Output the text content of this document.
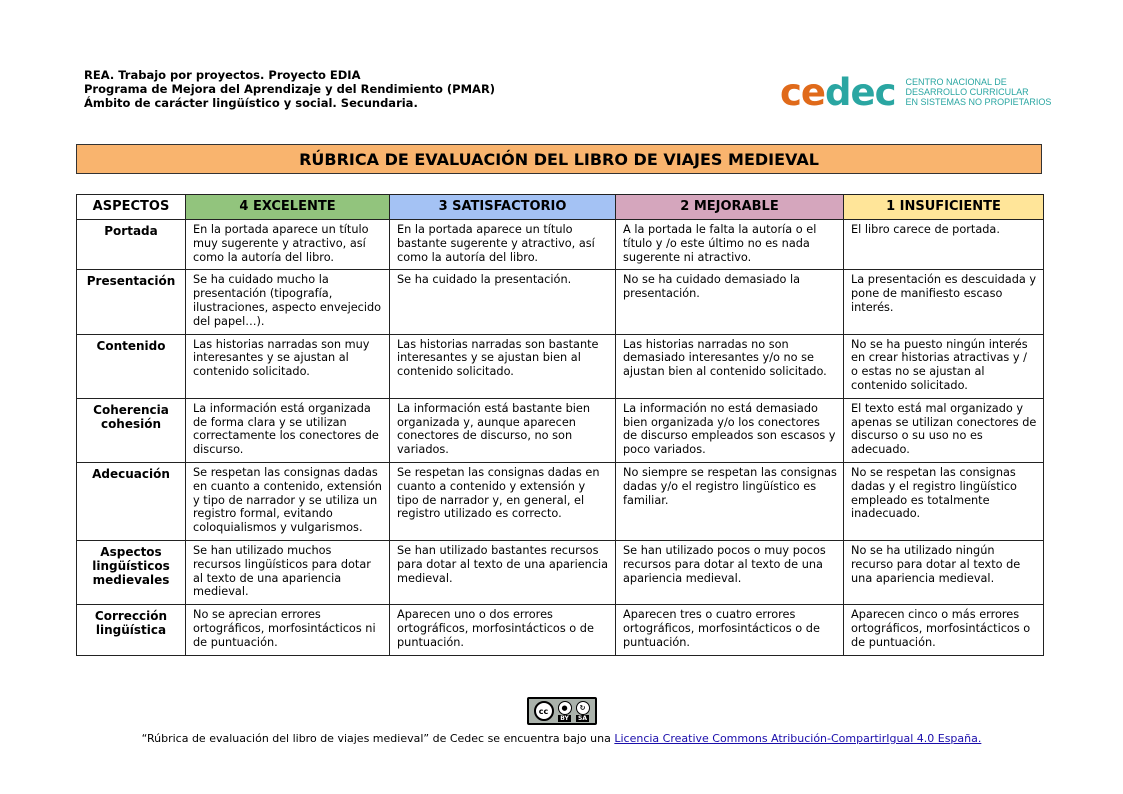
REA. Trabajo por proyectos. Proyecto EDIA
Programa de Mejora del Aprendizaje y del Rendimiento (PMAR)
Ámbito de carácter lingüístico y social. Secundaria.	cedec CENTRO NACIONAL DE
DESARROLLO CURRICULAR
EN SISTEMAS NO PROPIETARIOS
RÚBRICA DE EVALUACIÓN DEL LIBRO DE VIAJES MEDIEVAL
ASPECTOS	4 EXCELENTE	3 SATISFACTORIO	2 MEJORABLE	1 INSUFICIENTE
Portada	En la portada aparece un título muy sugerente y atractivo, así como la autoría del libro.	En la portada aparece un título bastante sugerente y atractivo, así como la autoría del libro.	A la portada le falta la autoría o el título y /o este último no es nada sugerente ni atractivo.	El libro carece de portada.
Presentación	Se ha cuidado mucho la presentación (tipografía, ilustraciones, aspecto envejecido del papel…).	Se ha cuidado la presentación.	No se ha cuidado demasiado la presentación.	La presentación es descuidada y pone de manifiesto escaso interés.
Contenido	Las historias narradas son muy interesantes y se ajustan al contenido solicitado.	Las historias narradas son bastante interesantes y se ajustan bien al contenido solicitado.	Las historias narradas no son demasiado interesantes y/o no se ajustan bien al contenido solicitado.	No se ha puesto ningún interés en crear historias atractivas y / o estas no se ajustan al contenido solicitado.
Coherencia cohesión	La información está organizada de forma clara y se utilizan correctamente los conectores de discurso.	La información está bastante bien organizada y, aunque aparecen conectores de discurso, no son variados.	La información no está demasiado bien organizada y/o los conectores de discurso empleados son escasos y poco variados.	El texto está mal organizado y apenas se utilizan conectores de discurso o su uso no es adecuado.
Adecuación	Se respetan las consignas dadas en cuanto a contenido, extensión y tipo de narrador y se utiliza un registro formal, evitando coloquialismos y vulgarismos.	Se respetan las consignas dadas en cuanto a contenido y extensión y tipo de narrador y, en general, el registro utilizado es correcto.	No siempre se respetan las consignas dadas y/o el registro lingüístico es familiar.	No se respetan las consignas dadas y el registro lingüístico empleado es totalmente inadecuado.
Aspectos lingüísticos medievales	Se han utilizado muchos recursos lingüísticos para dotar al texto de una apariencia medieval.	Se han utilizado bastantes recursos para dotar al texto de una apariencia medieval.	Se han utilizado pocos o muy pocos recursos para dotar al texto de una apariencia medieval.	No se ha utilizado ningún recurso para dotar al texto de una apariencia medieval.
Corrección lingüística	No se aprecian errores ortográficos, morfosintácticos ni de puntuación.	Aparecen uno o dos errores ortográficos, morfosintácticos o de puntuación.	Aparecen tres o cuatro errores ortográficos, morfosintácticos o de puntuación.	Aparecen cinco o más errores ortográficos, morfosintácticos o de puntuación.
cc	●
BY
↻
SA
“Rúbrica de evaluación del libro de viajes medieval” de Cedec se encuentra bajo una Licencia Creative Commons Atribución-CompartirIgual 4.0 España.
